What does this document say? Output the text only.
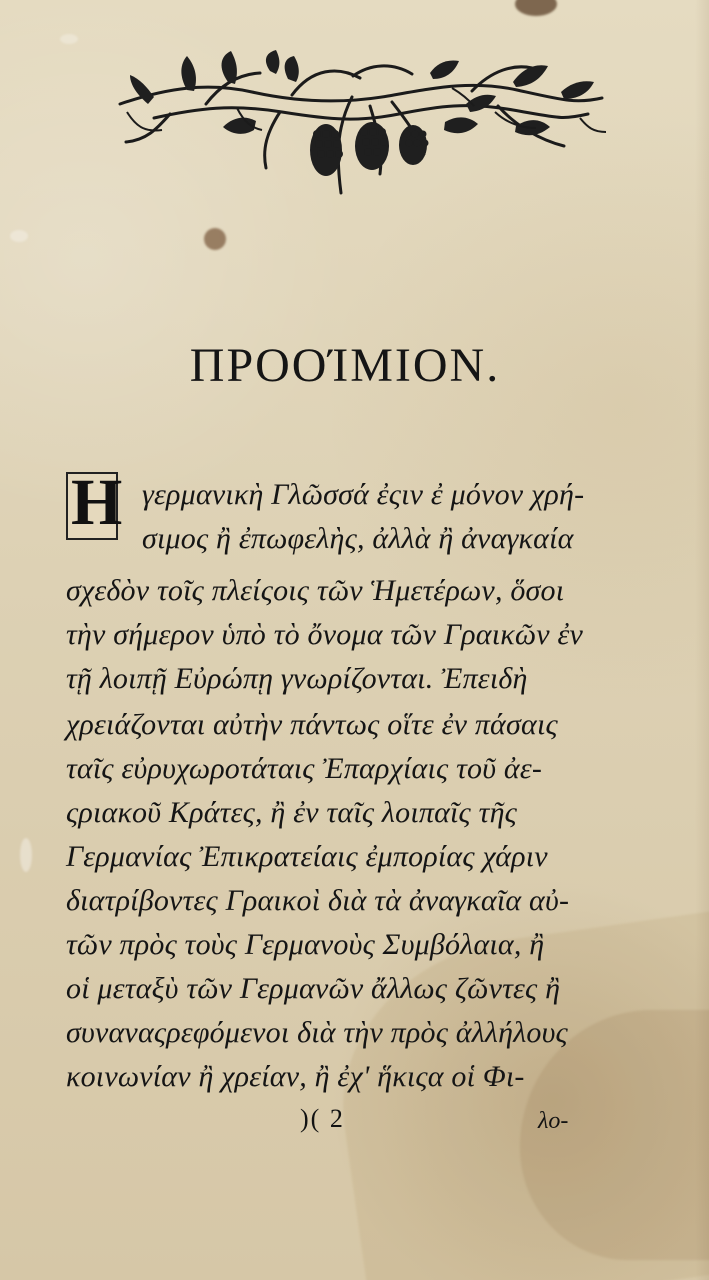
ΠΡΟΟΊΜΙΟΝ.
Η γερμανικὴ Γλῶσσά ἐςιν ἐ μόνον χρή-
σιμος ἢ ἐπωφελὴς, ἀλλὰ ἢ ἀναγκαία
σχεδὸν τοῖς πλείςοις τῶν Ἡμετέρων, ὅσοι
τὴν σήμερον ὑπὸ τὸ ὄνομα τῶν Γραικῶν ἐν
τῇ λοιπῇ Εὐρώπῃ γνωρίζονται. Ἐπειδὴ
χρειάζονται αὐτὴν πάντως οἵτε ἐν πάσαις
ταῖς εὐρυχωροτάταις Ἐπαρχίαις τοῦ ἀε-
ςριακοῦ Κράτες, ἢ ἐν ταῖς λοιπαῖς τῆς
Γερμανίας Ἐπικρατείαις ἐμπορίας χάριν
διατρίβοντες Γραικοὶ διὰ τὰ ἀναγκαῖα αὐ-
τῶν πρὸς τοὺς Γερμανοὺς Συμβόλαια, ἢ
οἱ μεταξὺ τῶν Γερμανῶν ἄλλως ζῶντες ἢ
συναναςρεφόμενοι διὰ τὴν πρὸς ἀλλήλους
κοινωνίαν ἢ χρείαν, ἢ ἐχ' ἥκιςα οἱ Φι-
)( 2	λο-
